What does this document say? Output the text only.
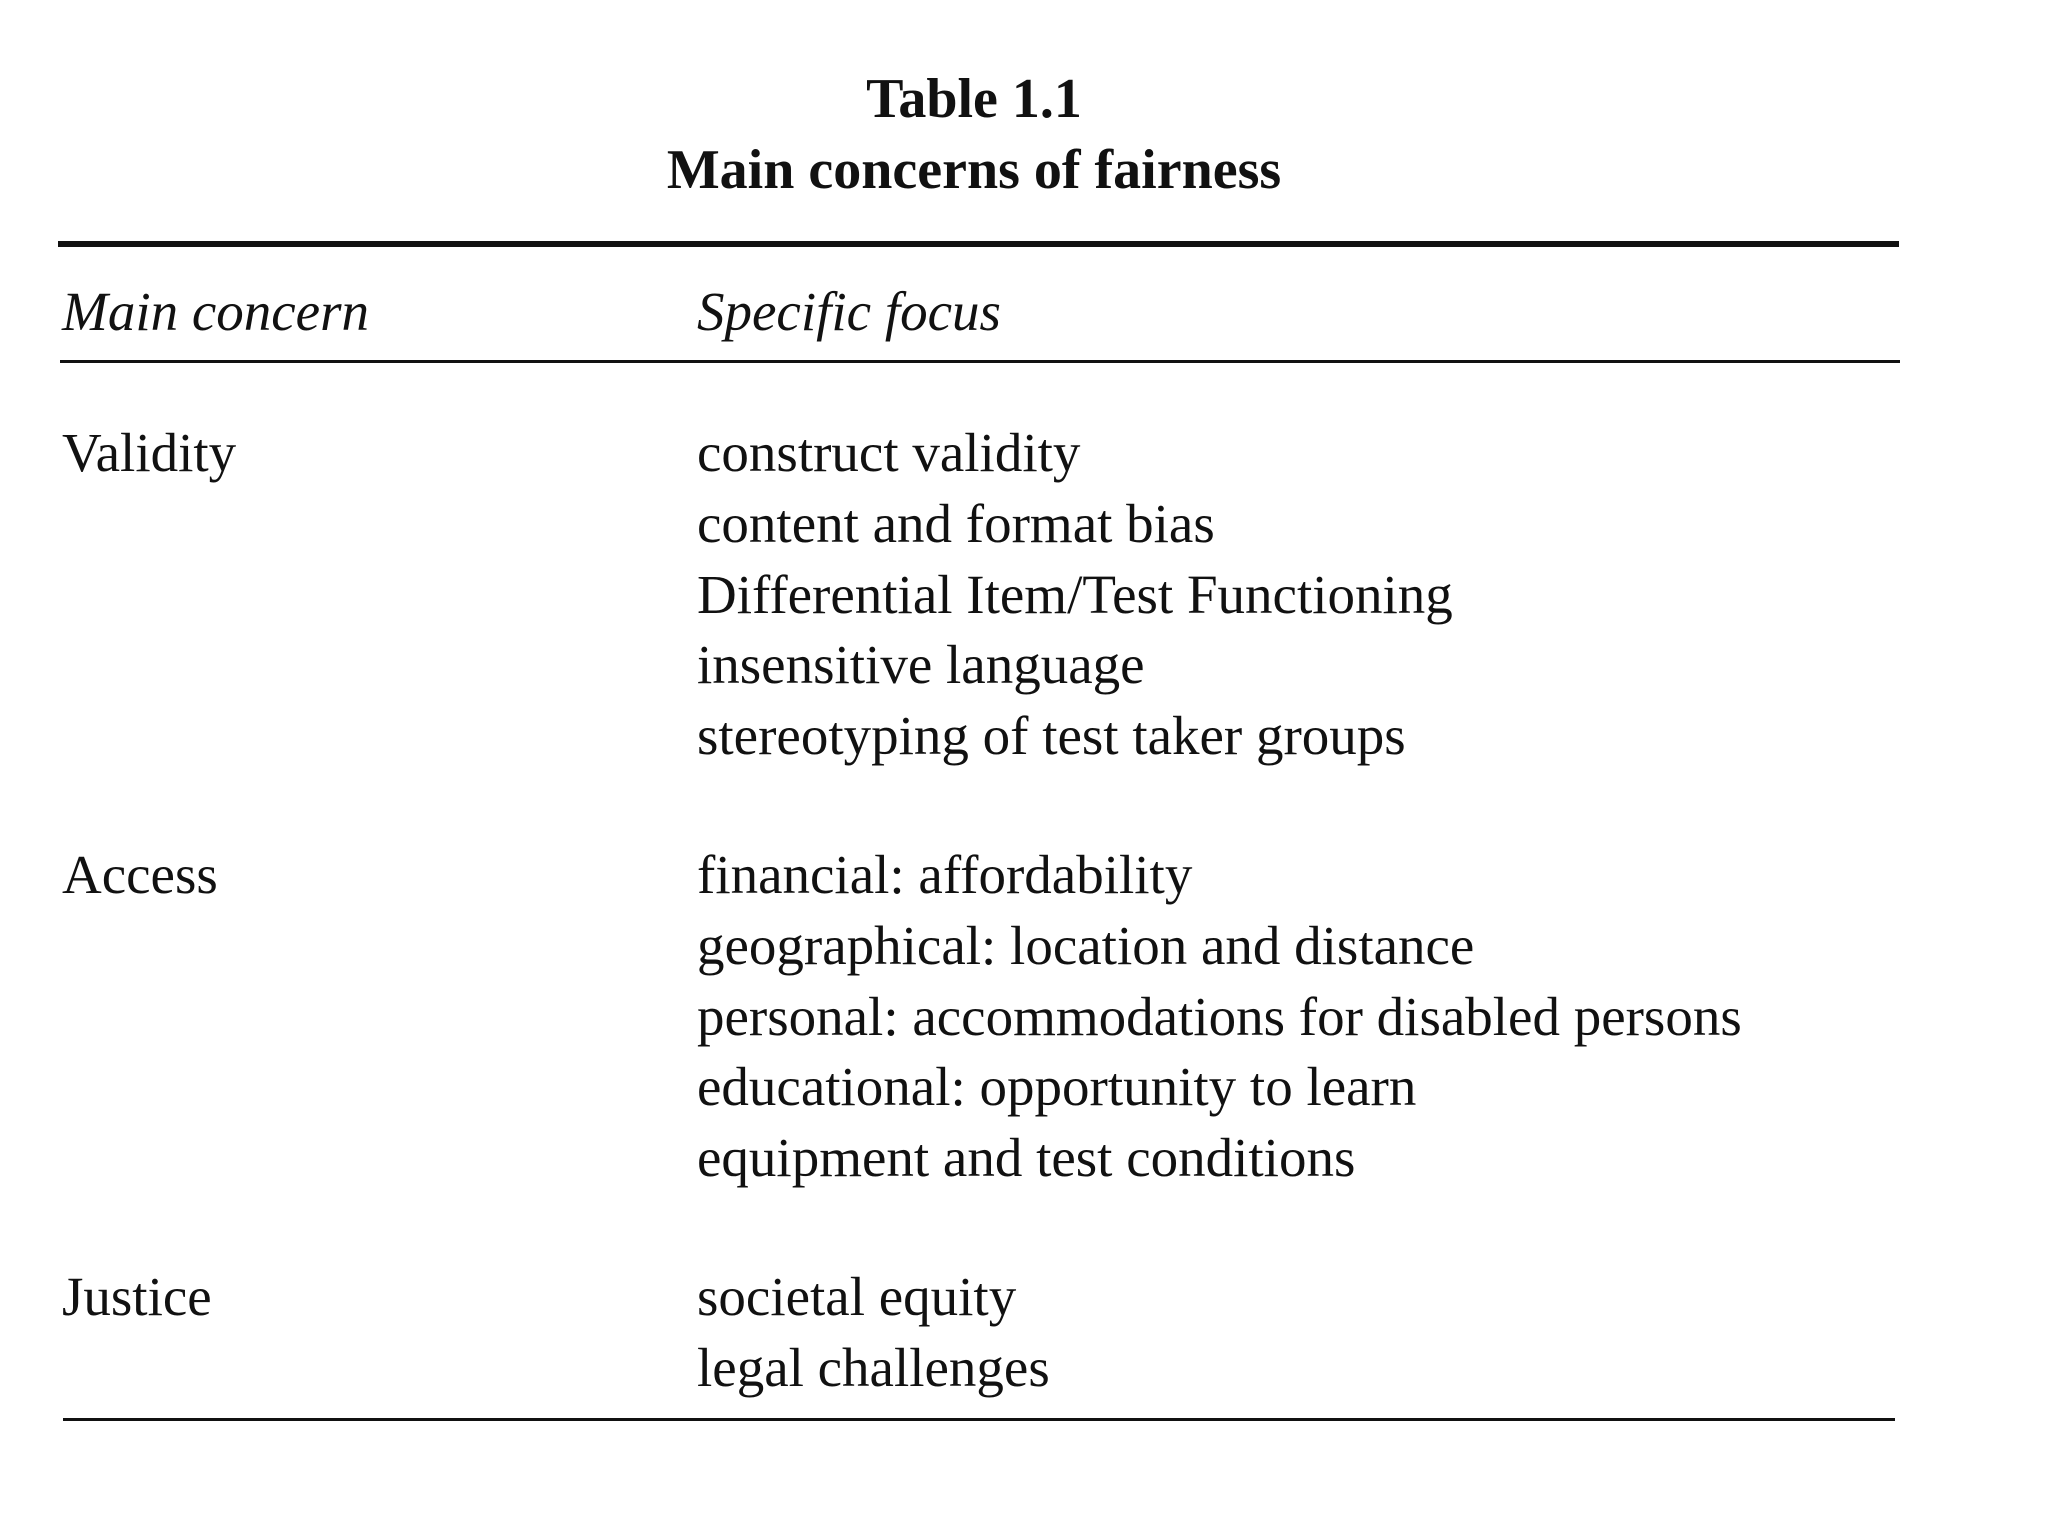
Table 1.1
Main concerns of fairness
Main concern	Specific focus
Validity	construct validity
content and format bias
Differential Item/Test Functioning
insensitive language
stereotyping of test taker groups
Access	financial: affordability
geographical: location and distance
personal: accommodations for disabled persons
educational: opportunity to learn
equipment and test conditions
Justice	societal equity
legal challenges
